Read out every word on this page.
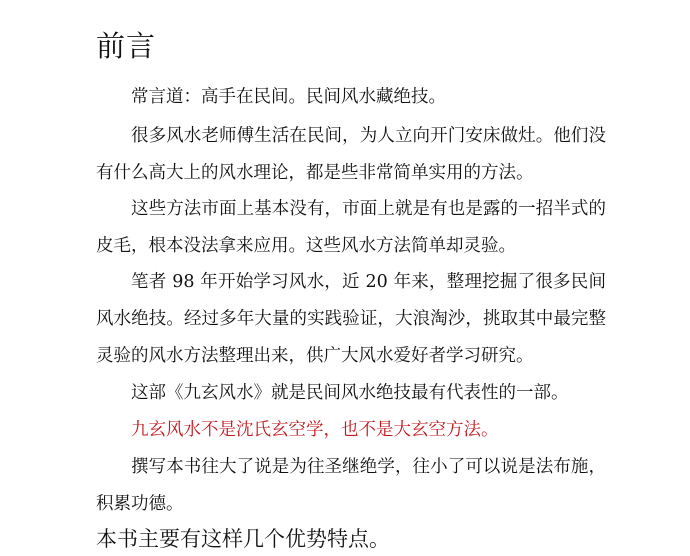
前言

常言道：高手在民间。民间风水藏绝技。

很多风水老师傅生活在民间，为人立向开门安床做灶。他们没有什么高大上的风水理论，都是些非常简单实用的方法。

这些方法市面上基本没有，市面上就是有也是露的一招半式的皮毛，根本没法拿来应用。这些风水方法简单却灵验。

笔者 98 年开始学习风水，近 20 年来，整理挖掘了很多民间风水绝技。经过多年大量的实践验证，大浪淘沙，挑取其中最完整灵验的风水方法整理出来，供广大风水爱好者学习研究。

这部《九玄风水》就是民间风水绝技最有代表性的一部。

九玄风水不是沈氏玄空学，也不是大玄空方法。

撰写本书往大了说是为往圣继绝学，往小了可以说是法布施，积累功德。

本书主要有这样几个优势特点。
